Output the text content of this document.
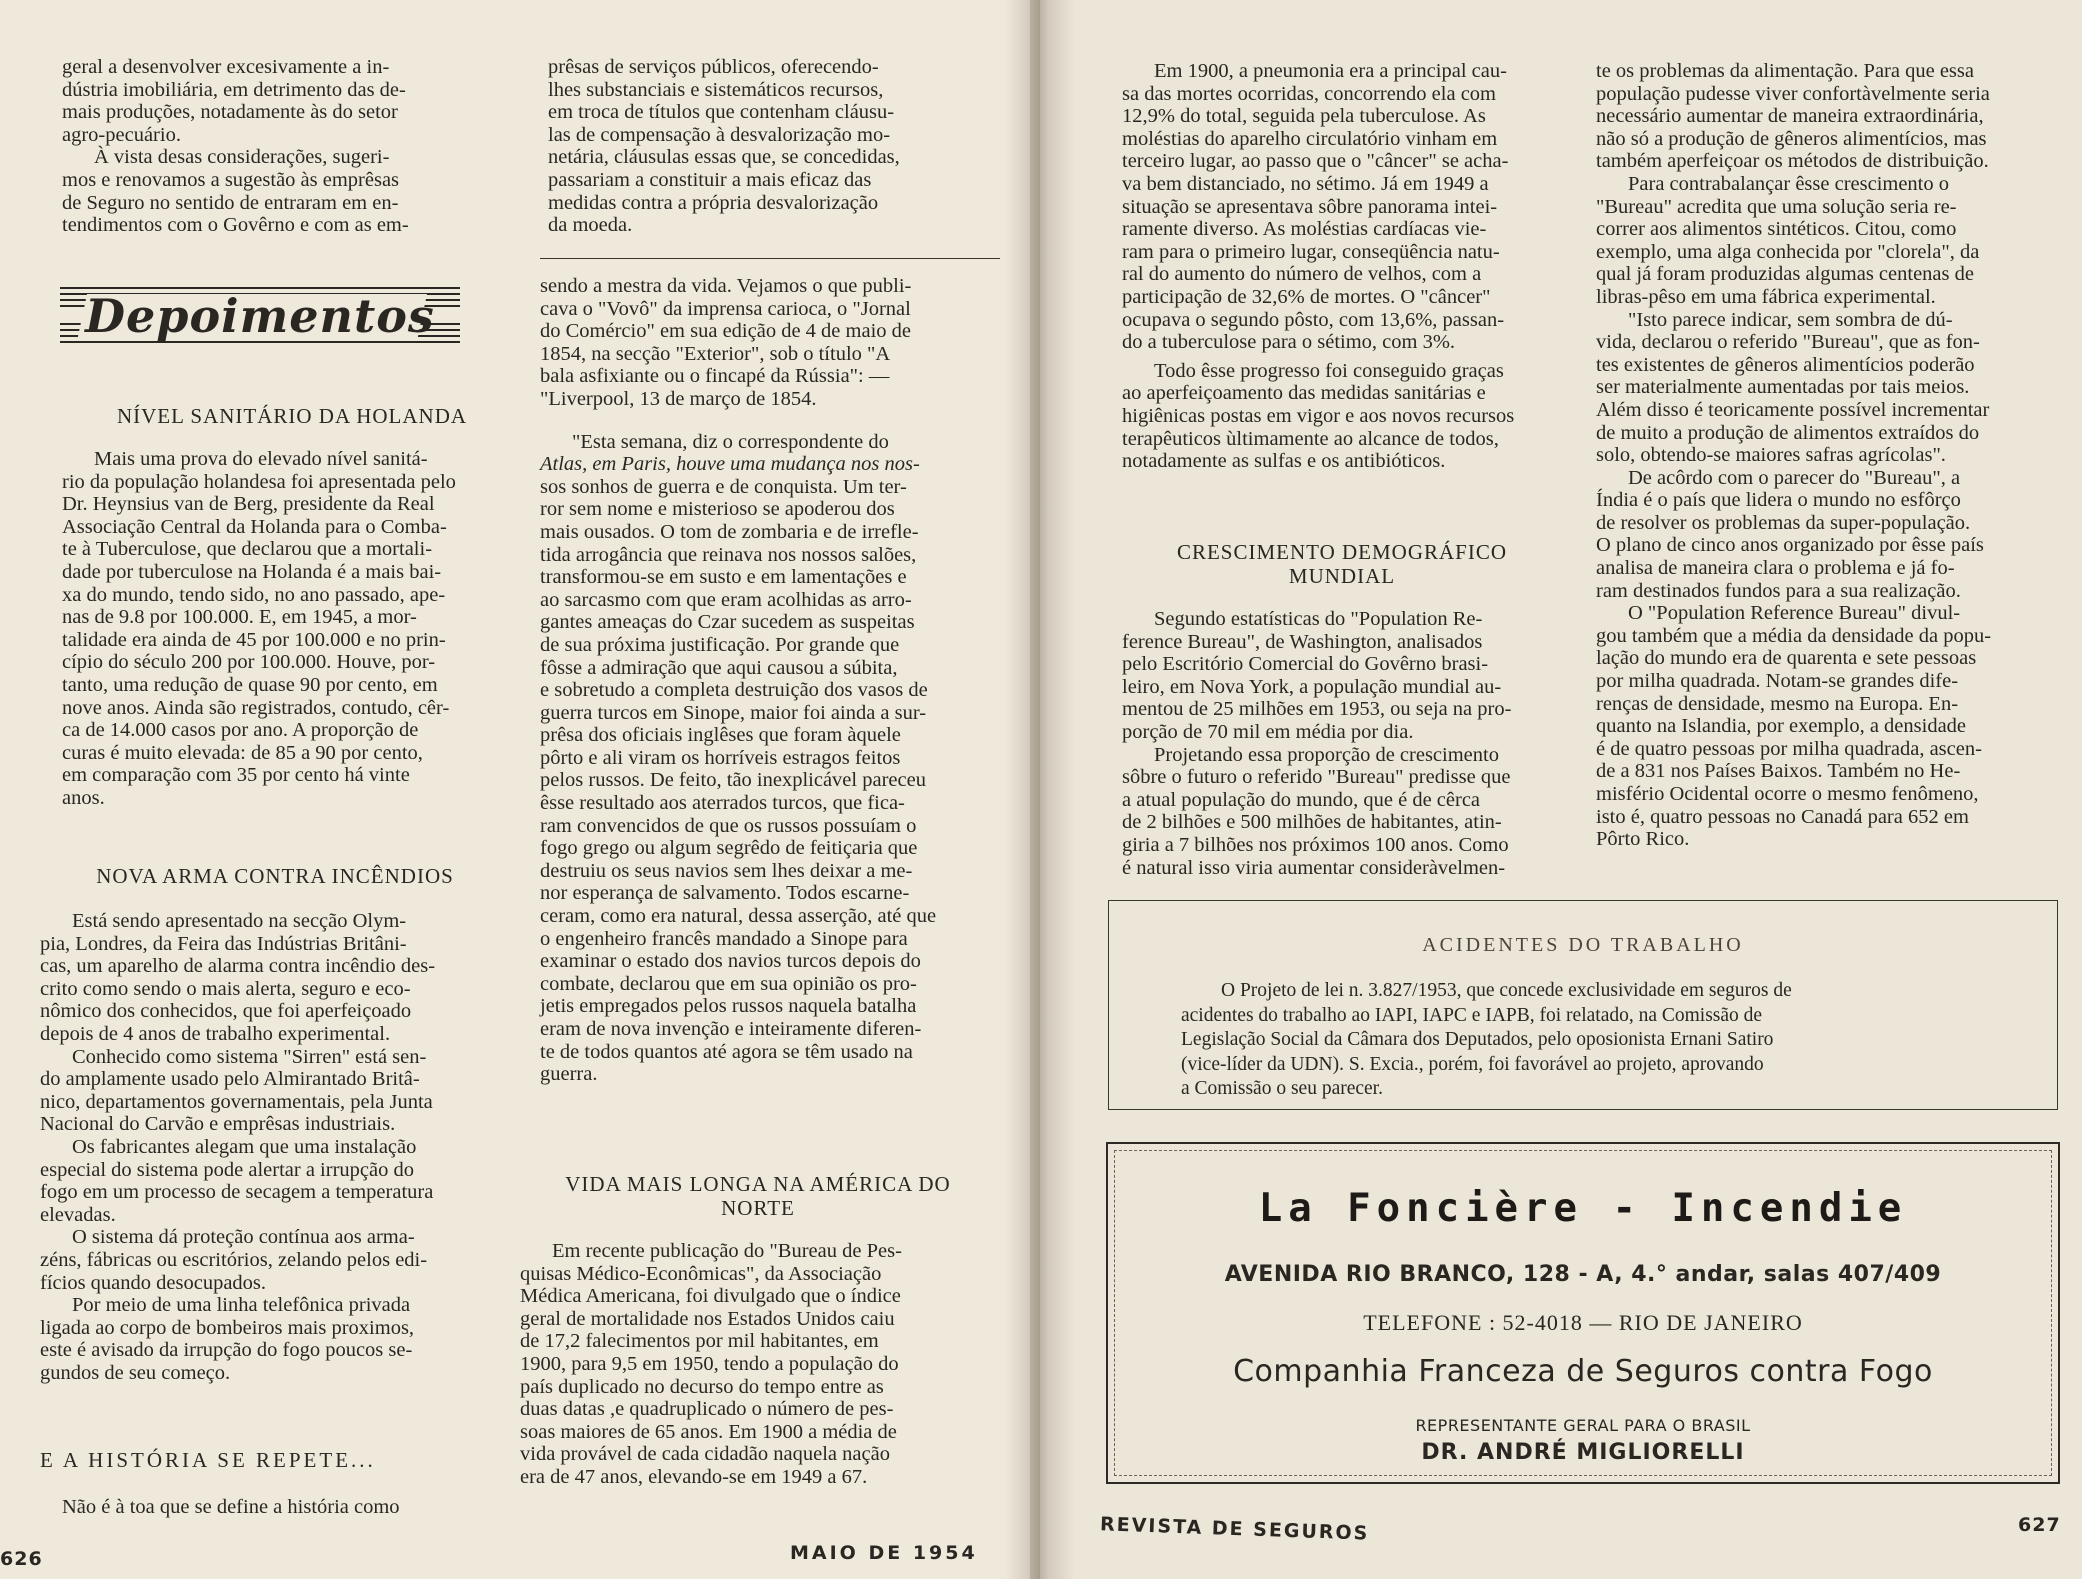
geral a desenvolver excesivamente a in-

dústria imobiliária, em detrimento das de-

mais produções, notadamente às do setor

agro-pecuário.

À vista desas considerações, sugeri-

mos e renovamos a sugestão às emprêsas

de Seguro no sentido de entraram em en-

tendimentos com o Govêrno e com as em-

prêsas de serviços públicos, oferecendo-

lhes substanciais e sistemáticos recursos,

em troca de títulos que contenham cláusu-

las de compensação à desvalorização mo-

netária, cláusulas essas que, se concedidas,

passariam a constituir a mais eficaz das

medidas contra a própria desvalorização

da moeda.

Depoimentos

NÍVEL SANITÁRIO DA HOLANDA

Mais uma prova do elevado nível sanitá-

rio da população holandesa foi apresentada pelo

Dr. Heynsius van de Berg, presidente da Real

Associação Central da Holanda para o Comba-

te à Tuberculose, que declarou que a mortali-

dade por tuberculose na Holanda é a mais bai-

xa do mundo, tendo sido, no ano passado, ape-

nas de 9.8 por 100.000. E, em 1945, a mor-

talidade era ainda de 45 por 100.000 e no prin-

cípio do século 200 por 100.000. Houve, por-

tanto, uma redução de quase 90 por cento, em

nove anos. Ainda são registrados, contudo, cêr-

ca de 14.000 casos por ano. A proporção de

curas é muito elevada: de 85 a 90 por cento,

em comparação com 35 por cento há vinte

anos.

NOVA ARMA CONTRA INCÊNDIOS

Está sendo apresentado na secção Olym-

pia, Londres, da Feira das Indústrias Britâni-

cas, um aparelho de alarma contra incêndio des-

crito como sendo o mais alerta, seguro e eco-

nômico dos conhecidos, que foi aperfeiçoado

depois de 4 anos de trabalho experimental.

Conhecido como sistema "Sirren" está sen-

do amplamente usado pelo Almirantado Britâ-

nico, departamentos governamentais, pela Junta

Nacional do Carvão e emprêsas industriais.

Os fabricantes alegam que uma instalação

especial do sistema pode alertar a irrupção do

fogo em um processo de secagem a temperatura

elevadas.

O sistema dá proteção contínua aos arma-

zéns, fábricas ou escritórios, zelando pelos edi-

fícios quando desocupados.

Por meio de uma linha telefônica privada

ligada ao corpo de bombeiros mais proximos,

este é avisado da irrupção do fogo poucos se-

gundos de seu começo.

E A HISTÓRIA SE REPETE...

Não é à toa que se define a história como

sendo a mestra da vida. Vejamos o que publi-

cava o "Vovô" da imprensa carioca, o "Jornal

do Comércio" em sua edição de 4 de maio de

1854, na secção "Exterior", sob o título "A

bala asfixiante ou o fincapé da Rússia": —

"Liverpool, 13 de março de 1854.

"Esta semana, diz o correspondente do

Atlas, em Paris, houve uma mudança nos nos-

sos sonhos de guerra e de conquista. Um ter-

ror sem nome e misterioso se apoderou dos

mais ousados. O tom de zombaria e de irrefle-

tida arrogância que reinava nos nossos salões,

transformou-se em susto e em lamentações e

ao sarcasmo com que eram acolhidas as arro-

gantes ameaças do Czar sucedem as suspeitas

de sua próxima justificação. Por grande que

fôsse a admiração que aqui causou a súbita,

e sobretudo a completa destruição dos vasos de

guerra turcos em Sinope, maior foi ainda a sur-

prêsa dos oficiais inglêses que foram àquele

pôrto e ali viram os horríveis estragos feitos

pelos russos. De feito, tão inexplicável pareceu

êsse resultado aos aterrados turcos, que fica-

ram convencidos de que os russos possuíam o

fogo grego ou algum segrêdo de feitiçaria que

destruiu os seus navios sem lhes deixar a me-

nor esperança de salvamento. Todos escarne-

ceram, como era natural, dessa asserção, até que

o engenheiro francês mandado a Sinope para

examinar o estado dos navios turcos depois do

combate, declarou que em sua opinião os pro-

jetis empregados pelos russos naquela batalha

eram de nova invenção e inteiramente diferen-

te de todos quantos até agora se têm usado na

guerra.

VIDA MAIS LONGA NA AMÉRICA DO

NORTE

Em recente publicação do "Bureau de Pes-

quisas Médico-Econômicas", da Associação

Médica Americana, foi divulgado que o índice

geral de mortalidade nos Estados Unidos caiu

de 17,2 falecimentos por mil habitantes, em

1900, para 9,5 em 1950, tendo a população do

país duplicado no decurso do tempo entre as

duas datas ,e quadruplicado o número de pes-

soas maiores de 65 anos. Em 1900 a média de

vida provável de cada cidadão naquela nação

era de 47 anos, elevando-se em 1949 a 67.

626	MAIO DE 1954

Em 1900, a pneumonia era a principal cau-

sa das mortes ocorridas, concorrendo ela com

12,9% do total, seguida pela tuberculose. As

moléstias do aparelho circulatório vinham em

terceiro lugar, ao passo que o "câncer" se acha-

va bem distanciado, no sétimo. Já em 1949 a

situação se apresentava sôbre panorama intei-

ramente diverso. As moléstias cardíacas vie-

ram para o primeiro lugar, conseqüência natu-

ral do aumento do número de velhos, com a

participação de 32,6% de mortes. O "câncer"

ocupava o segundo pôsto, com 13,6%, passan-

do a tuberculose para o sétimo, com 3%.

Todo êsse progresso foi conseguido graças

ao aperfeiçoamento das medidas sanitárias e

higiênicas postas em vigor e aos novos recursos

terapêuticos ùltimamente ao alcance de todos,

notadamente as sulfas e os antibióticos.

CRESCIMENTO DEMOGRÁFICO

MUNDIAL

Segundo estatísticas do "Population Re-

ference Bureau", de Washington, analisados

pelo Escritório Comercial do Govêrno brasi-

leiro, em Nova York, a população mundial au-

mentou de 25 milhões em 1953, ou seja na pro-

porção de 70 mil em média por dia.

Projetando essa proporção de crescimento

sôbre o futuro o referido "Bureau" predisse que

a atual população do mundo, que é de cêrca

de 2 bilhões e 500 milhões de habitantes, atin-

giria a 7 bilhões nos próximos 100 anos. Como

é natural isso viria aumentar consideràvelmen-

te os problemas da alimentação. Para que essa

população pudesse viver confortàvelmente seria

necessário aumentar de maneira extraordinária,

não só a produção de gêneros alimentícios, mas

também aperfeiçoar os métodos de distribuição.

Para contrabalançar êsse crescimento o

"Bureau" acredita que uma solução seria re-

correr aos alimentos sintéticos. Citou, como

exemplo, uma alga conhecida por "clorela", da

qual já foram produzidas algumas centenas de

libras-pêso em uma fábrica experimental.

"Isto parece indicar, sem sombra de dú-

vida, declarou o referido "Bureau", que as fon-

tes existentes de gêneros alimentícios poderão

ser materialmente aumentadas por tais meios.

Além disso é teoricamente possível incrementar

de muito a produção de alimentos extraídos do

solo, obtendo-se maiores safras agrícolas".

De acôrdo com o parecer do "Bureau", a

Índia é o país que lidera o mundo no esfôrço

de resolver os problemas da super-população.

O plano de cinco anos organizado por êsse país

analisa de maneira clara o problema e já fo-

ram destinados fundos para a sua realização.

O "Population Reference Bureau" divul-

gou também que a média da densidade da popu-

lação do mundo era de quarenta e sete pessoas

por milha quadrada. Notam-se grandes dife-

renças de densidade, mesmo na Europa. En-

quanto na Islandia, por exemplo, a densidade

é de quatro pessoas por milha quadrada, ascen-

de a 831 nos Países Baixos. Também no He-

misfério Ocidental ocorre o mesmo fenômeno,

isto é, quatro pessoas no Canadá para 652 em

Pôrto Rico.

ACIDENTES DO TRABALHO

O Projeto de lei n. 3.827/1953, que concede exclusividade em seguros de

acidentes do trabalho ao IAPI, IAPC e IAPB, foi relatado, na Comissão de

Legislação Social da Câmara dos Deputados, pelo oposionista Ernani Satiro

(vice-líder da UDN). S. Excia., porém, foi favorável ao projeto, aprovando

a Comissão o seu parecer.

La Foncière - Incendie
AVENIDA RIO BRANCO, 128 - A, 4.° andar, salas 407/409
TELEFONE : 52-4018 — RIO DE JANEIRO
Companhia Franceza de Seguros contra Fogo
REPRESENTANTE GERAL PARA O BRASIL
DR. ANDRÉ MIGLIORELLI
REVISTA DE SEGUROS	627
